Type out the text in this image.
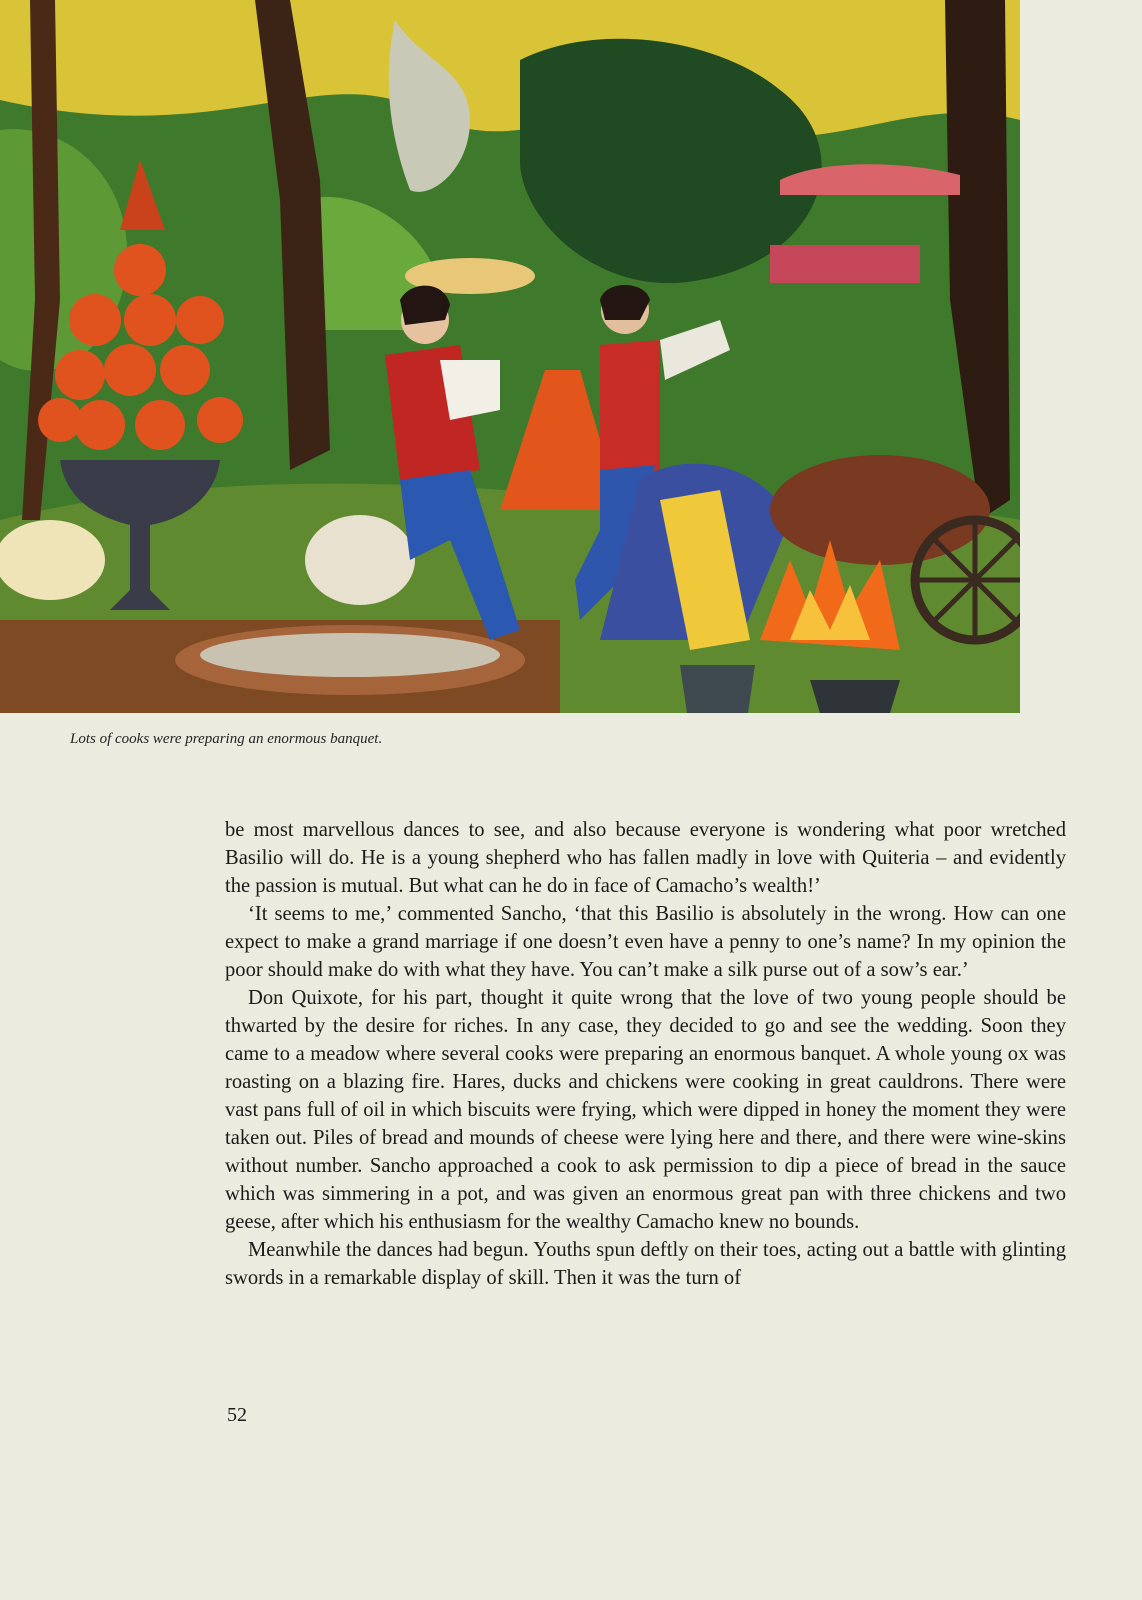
Lots of cooks were preparing an enormous banquet.

be most marvellous dances to see, and also because everyone is wondering what poor wretched Basilio will do. He is a young shepherd who has fallen madly in love with Quiteria – and evidently the passion is mutual. But what can he do in face of Camacho’s wealth!’

‘It seems to me,’ commented Sancho, ‘that this Basilio is absolutely in the wrong. How can one expect to make a grand marriage if one doesn’t even have a penny to one’s name? In my opinion the poor should make do with what they have. You can’t make a silk purse out of a sow’s ear.’

Don Quixote, for his part, thought it quite wrong that the love of two young people should be thwarted by the desire for riches. In any case, they decided to go and see the wedding. Soon they came to a meadow where several cooks were preparing an enormous banquet. A whole young ox was roasting on a blazing fire. Hares, ducks and chickens were cooking in great cauldrons. There were vast pans full of oil in which biscuits were frying, which were dipped in honey the moment they were taken out. Piles of bread and mounds of cheese were lying here and there, and there were wine-skins without number. Sancho approached a cook to ask permission to dip a piece of bread in the sauce which was simmering in a pot, and was given an enormous great pan with three chickens and two geese, after which his enthusiasm for the wealthy Camacho knew no bounds.

Meanwhile the dances had begun. Youths spun deftly on their toes, acting out a battle with glinting swords in a remarkable display of skill. Then it was the turn of

52
